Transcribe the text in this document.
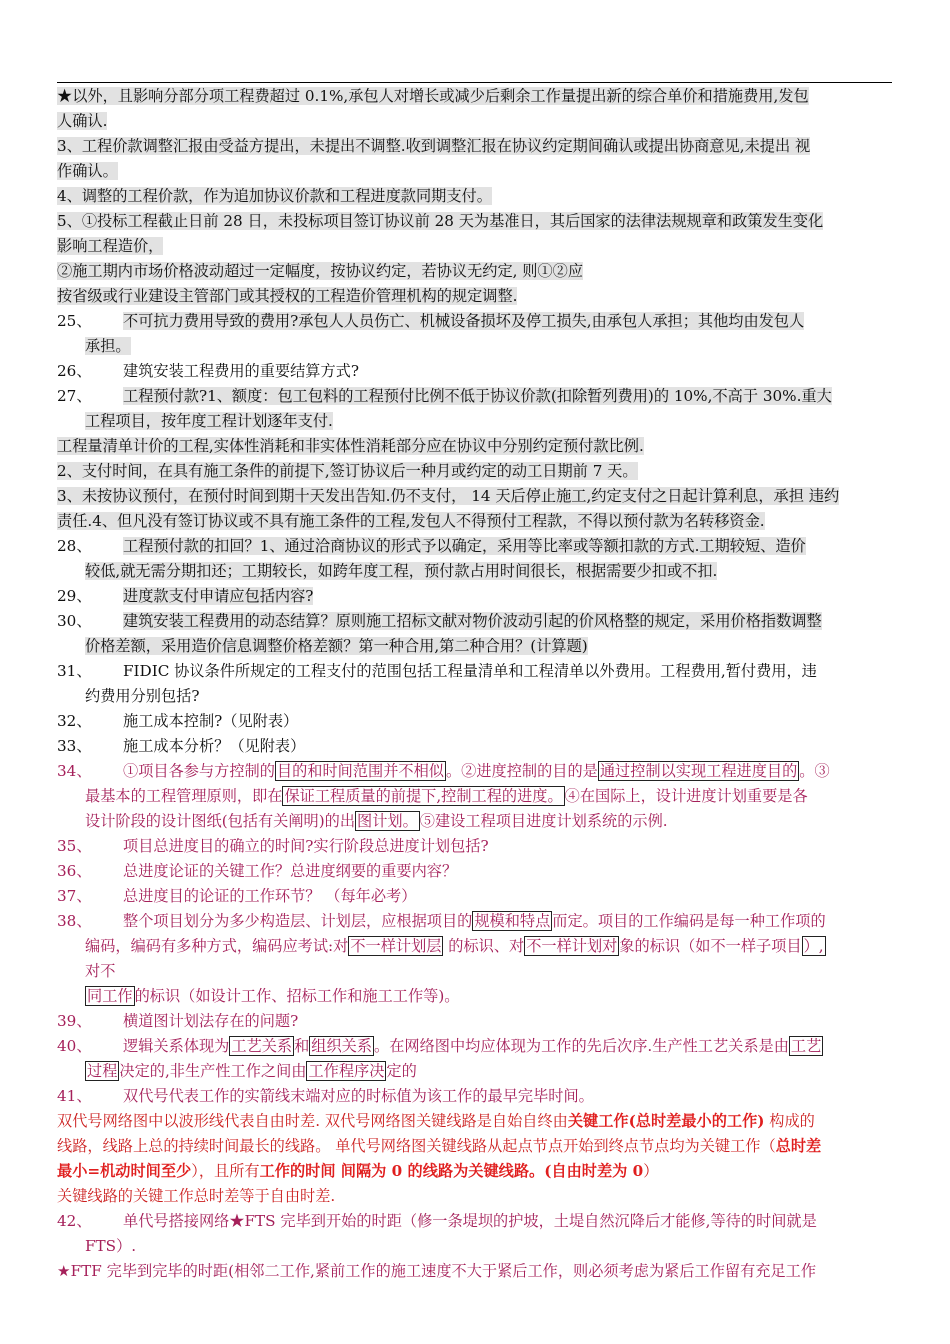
★以外，且影响分部分项工程费超过 0.1%,承包人对增长或减少后剩余工作量提出新的综合单价和措施费用,发包
人确认.
3、工程价款调整汇报由受益方提出，未提出不调整.收到调整汇报在协议约定期间确认或提出协商意见,未提出 视
作确认。
4、调整的工程价款，作为追加协议价款和工程进度款同期支付。
5、①投标工程截止日前 28 日，未投标项目签订协议前 28 天为基准日，其后国家的法律法规规章和政策发生变化
影响工程造价，
②施工期内市场价格波动超过一定幅度，按协议约定，若协议无约定, 则①②应
按省级或行业建设主管部门或其授权的工程造价管理机构的规定调整.
25、 不可抗力费用导致的费用?承包人人员伤亡、机械设备损坏及停工损失,由承包人承担；其他均由发包人
承担。
26、 建筑安装工程费用的重要结算方式?
27、 工程预付款?1、额度：包工包料的工程预付比例不低于协议价款(扣除暂列费用)的 10%,不高于 30%.重大
工程项目，按年度工程计划逐年支付.
工程量清单计价的工程,实体性消耗和非实体性消耗部分应在协议中分别约定预付款比例.
2、支付时间，在具有施工条件的前提下,签订协议后一种月或约定的动工日期前 7 天。
3、未按协议预付，在预付时间到期十天发出告知.仍不支付， 14 天后停止施工,约定支付之日起计算利息，承担 违约
责任.4、但凡没有签订协议或不具有施工条件的工程,发包人不得预付工程款，不得以预付款为名转移资金.
28、 工程预付款的扣回？1、通过洽商协议的形式予以确定，采用等比率或等额扣款的方式.工期较短、造价
较低,就无需分期扣还；工期较长，如跨年度工程，预付款占用时间很长，根据需要少扣或不扣.
29、 进度款支付申请应包括内容?
30、 建筑安装工程费用的动态结算？原则施工招标文献对物价波动引起的价风格整的规定，采用价格指数调整
价格差额，采用造价信息调整价格差额？第一种合用,第二种合用？(计算题)
31、 FIDIC 协议条件所规定的工程支付的范围包括工程量清单和工程清单以外费用。工程费用,暂付费用，违
约费用分别包括?
32、 施工成本控制?（见附表）
33、 施工成本分析？（见附表）
34、 ①项目各参与方控制的 目的和时间范围并不相似 。②进度控制的目的是 通过控制以实现工程进度目的 。③
最基本的工程管理原则，即在 保证工程质量的前提下,控制工程的进度。 ④在国际上，设计进度计划重要是各
设计阶段的设计图纸(包括有关阐明)的出 图计划。 ⑤建设工程项目进度计划系统的示例.
35、 项目总进度目的确立的时间?实行阶段总进度计划包括?
36、 总进度论证的关键工作？总进度纲要的重要内容？
37、 总进度目的论证的工作环节？ （每年必考）
38、 整个项目划分为多少构造层、计划层，应根据项目的 规模和特点 而定。项目的工作编码是每一种工作项的
编码，编码有多种方式，编码应考试:对 不一样计划层 的标识、对 不一样计划对 象的标识（如不一样子项目 ）,
对不
同工作 的标识（如设计工作、招标工作和施工工作等)。
39、 横道图计划法存在的问题?
40、 逻辑关系体现为 工艺关系 和 组织关系 。在网络图中均应体现为工作的先后次序.生产性工艺关系是由 工艺
过程 决定的,非生产性工作之间由 工作程序决 定的
41、 双代号代表工作的实箭线末端对应的时标值为该工作的最早完毕时间。
双代号网络图中以波形线代表自由时差. 双代号网络图关键线路是自始自终由关键工作(总时差最小的工作) 构成的
线路，线路上总的持续时间最长的线路。 单代号网络图关键线路从起点节点开始到终点节点均为关键工作（总时差
最小=机动时间至少），且所有工作的时间 间隔为 0 的线路为关键线路。(自由时差为 0）
关键线路的关键工作总时差等于自由时差.
42、 单代号搭接网络★FTS 完毕到开始的时距（修一条堤坝的护坡，土堤自然沉降后才能修,等待的时间就是
FTS）.
★FTF 完毕到完毕的时距(相邻二工作,紧前工作的施工速度不大于紧后工作，则必须考虑为紧后工作留有充足工作
